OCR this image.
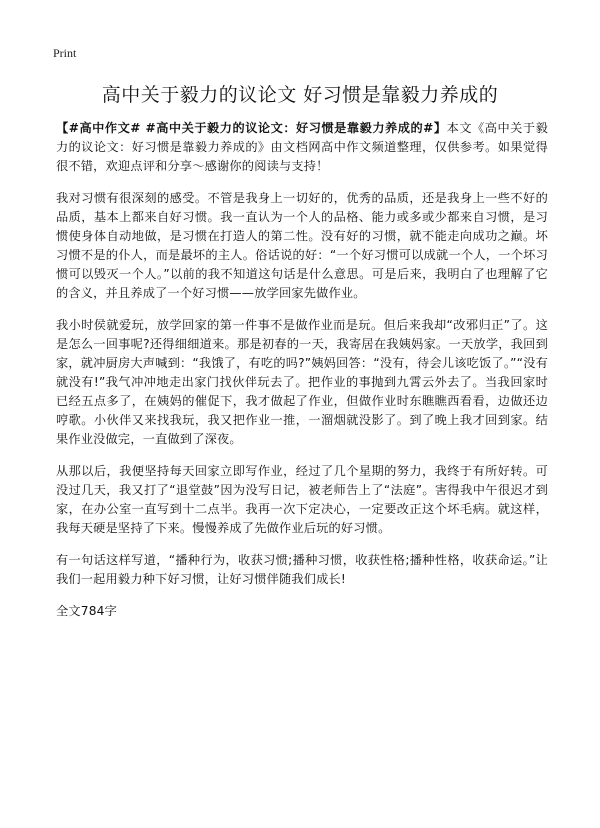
Print
高中关于毅力的议论文 好习惯是靠毅力养成的

【#高中作文# #高中关于毅力的议论文：好习惯是靠毅力养成的#】本文《高中关于毅力的议论文：好习惯是靠毅力养成的》由文档网高中作文频道整理，仅供参考。如果觉得很不错，欢迎点评和分享～感谢你的阅读与支持！

我对习惯有很深刻的感受。不管是我身上一切好的，优秀的品质，还是我身上一些不好的品质，基本上都来自好习惯。我一直认为一个人的品格、能力或多或少都来自习惯，是习惯使身体自动地做，是习惯在打造人的第二性。没有好的习惯，就不能走向成功之巅。坏习惯不是的仆人，而是最坏的主人。俗话说的好：“一个好习惯可以成就一个人，一个坏习惯可以毁灭一个人。”以前的我不知道这句话是什么意思。可是后来，我明白了也理解了它的含义，并且养成了一个好习惯——放学回家先做作业。

我小时侯就爱玩，放学回家的第一件事不是做作业而是玩。但后来我却“改邪归正”了。这是怎么一回事呢?还得细细道来。那是初春的一天，我寄居在我姨妈家。一天放学，我回到家，就冲厨房大声喊到：“我饿了，有吃的吗?”姨妈回答：“没有，待会儿该吃饭了。”“没有就没有!”我气冲冲地走出家门找伙伴玩去了。把作业的事抛到九霄云外去了。当我回家时已经五点多了，在姨妈的催促下，我才做起了作业，但做作业时东瞧瞧西看看，边做还边哼歌。小伙伴又来找我玩，我又把作业一推，一溜烟就没影了。到了晚上我才回到家。结果作业没做完，一直做到了深夜。

从那以后，我便坚持每天回家立即写作业，经过了几个星期的努力，我终于有所好转。可没过几天，我又打了“退堂鼓”因为没写日记，被老师告上了“法庭”。害得我中午很迟才到家，在办公室一直写到十二点半。我再一次下定决心，一定要改正这个坏毛病。就这样，我每天硬是坚持了下来。慢慢养成了先做作业后玩的好习惯。

有一句话这样写道，“播种行为，收获习惯;播种习惯，收获性格;播种性格，收获命运。”让我们一起用毅力种下好习惯，让好习惯伴随我们成长!

全文784字
